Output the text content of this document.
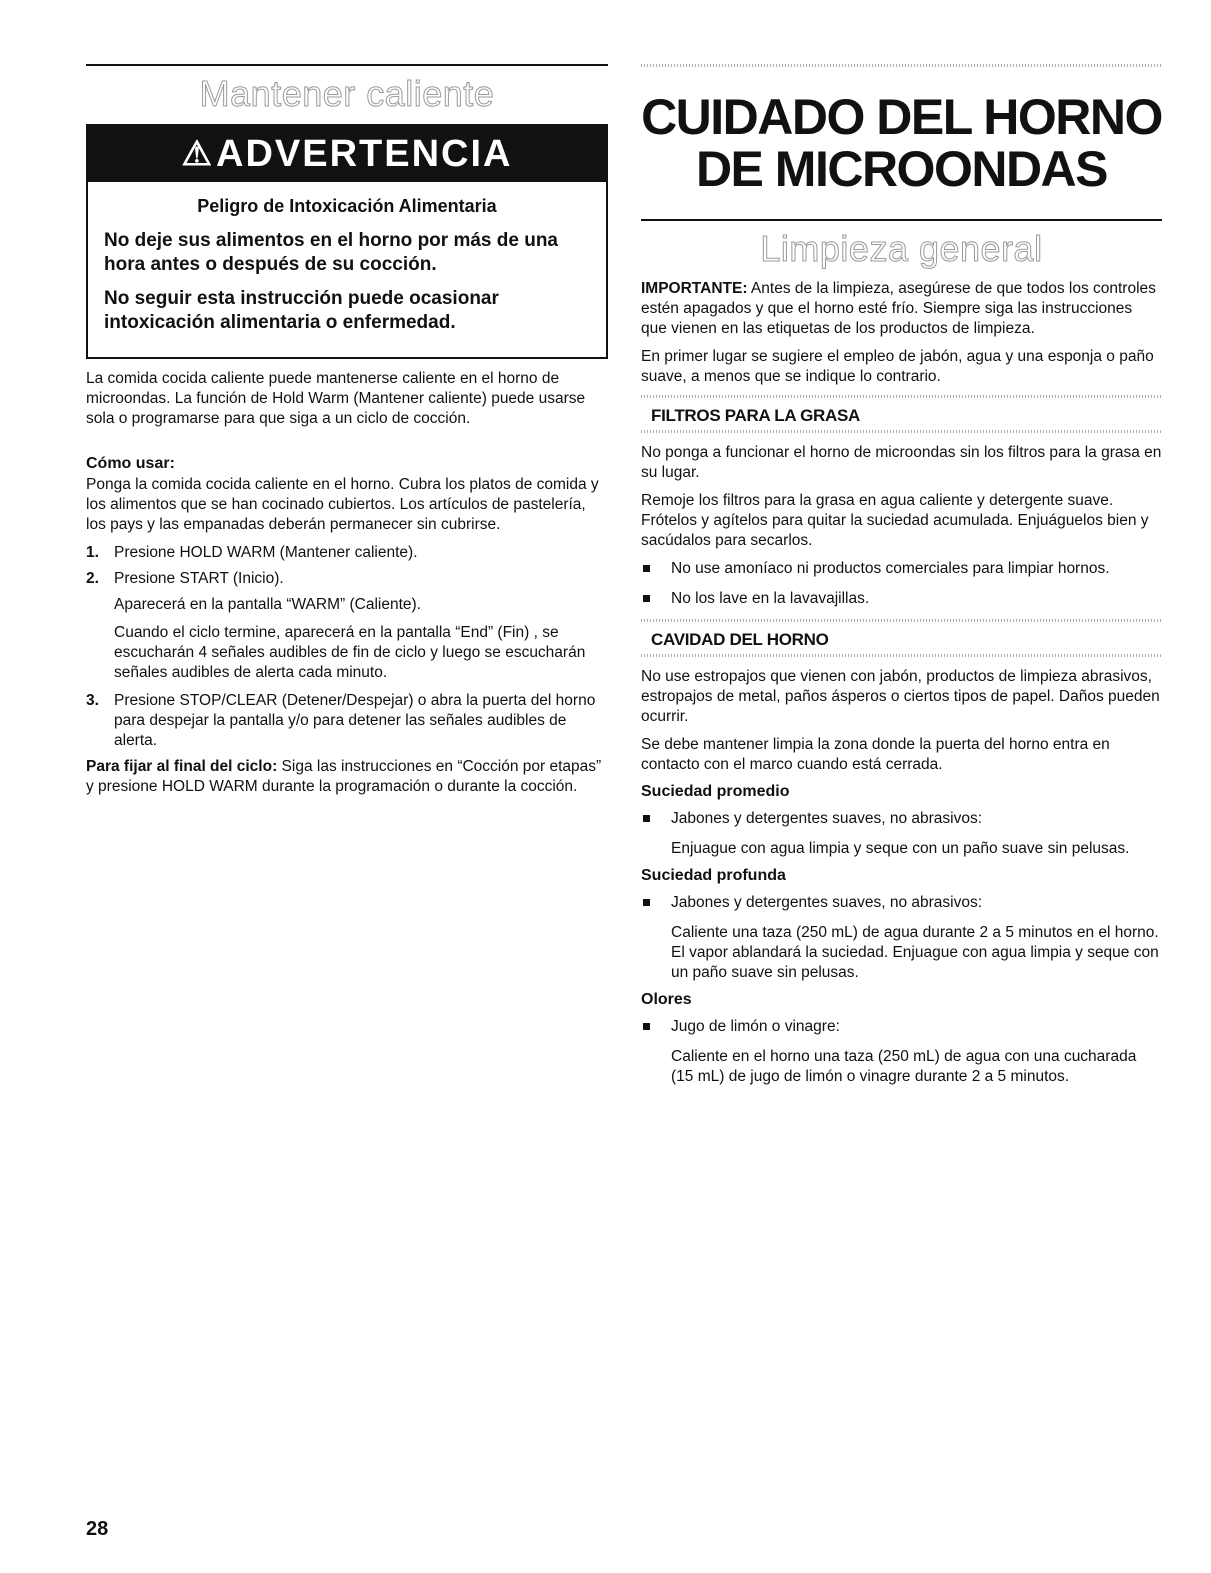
Mantener caliente
⚠ ADVERTENCIA

Peligro de Intoxicación Alimentaria

No deje sus alimentos en el horno por más de una hora antes o después de su cocción.

No seguir esta instrucción puede ocasionar intoxicación alimentaria o enfermedad.

La comida cocida caliente puede mantenerse caliente en el horno de microondas. La función de Hold Warm (Mantener caliente) puede usarse sola o programarse para que siga a un ciclo de cocción.

Cómo usar:

Ponga la comida cocida caliente en el horno. Cubra los platos de comida y los alimentos que se han cocinado cubiertos. Los artículos de pastelería, los pays y las empanadas deberán permanecer sin cubrirse.

1. Presione HOLD WARM (Mantener caliente).
2. Presione START (Inicio).

Aparecerá en la pantalla “WARM” (Caliente).

Cuando el ciclo termine, aparecerá en la pantalla “End” (Fin) , se escucharán 4 señales audibles de fin de ciclo y luego se escucharán señales audibles de alerta cada minuto.

3. Presione STOP/CLEAR (Detener/Despejar) o abra la puerta del horno para despejar la pantalla y/o para detener las señales audibles de alerta.

Para fijar al final del ciclo: Siga las instrucciones en “Cocción por etapas” y presione HOLD WARM durante la programación o durante la cocción.

CUIDADO DEL HORNO
DE MICROONDAS
Limpieza general

IMPORTANTE: Antes de la limpieza, asegúrese de que todos los controles estén apagados y que el horno esté frío. Siempre siga las instrucciones que vienen en las etiquetas de los productos de limpieza.

En primer lugar se sugiere el empleo de jabón, agua y una esponja o paño suave, a menos que se indique lo contrario.

FILTROS PARA LA GRASA

No ponga a funcionar el horno de microondas sin los filtros para la grasa en su lugar.

Remoje los filtros para la grasa en agua caliente y detergente suave. Frótelos y agítelos para quitar la suciedad acumulada. Enjuáguelos bien y sacúdalos para secarlos.

No use amoníaco ni productos comerciales para limpiar hornos.
No los lave en la lavavajillas.
CAVIDAD DEL HORNO

No use estropajos que vienen con jabón, productos de limpieza abrasivos, estropajos de metal, paños ásperos o ciertos tipos de papel. Daños pueden ocurrir.

Se debe mantener limpia la zona donde la puerta del horno entra en contacto con el marco cuando está cerrada.

Suciedad promedio

Jabones y detergentes suaves, no abrasivos:

Enjuague con agua limpia y seque con un paño suave sin pelusas.

Suciedad profunda

Jabones y detergentes suaves, no abrasivos:

Caliente una taza (250 mL) de agua durante 2 a 5 minutos en el horno. El vapor ablandará la suciedad. Enjuague con agua limpia y seque con un paño suave sin pelusas.

Olores

Jugo de limón o vinagre:

Caliente en el horno una taza (250 mL) de agua con una cucharada (15 mL) de jugo de limón o vinagre durante 2 a 5 minutos.

28
